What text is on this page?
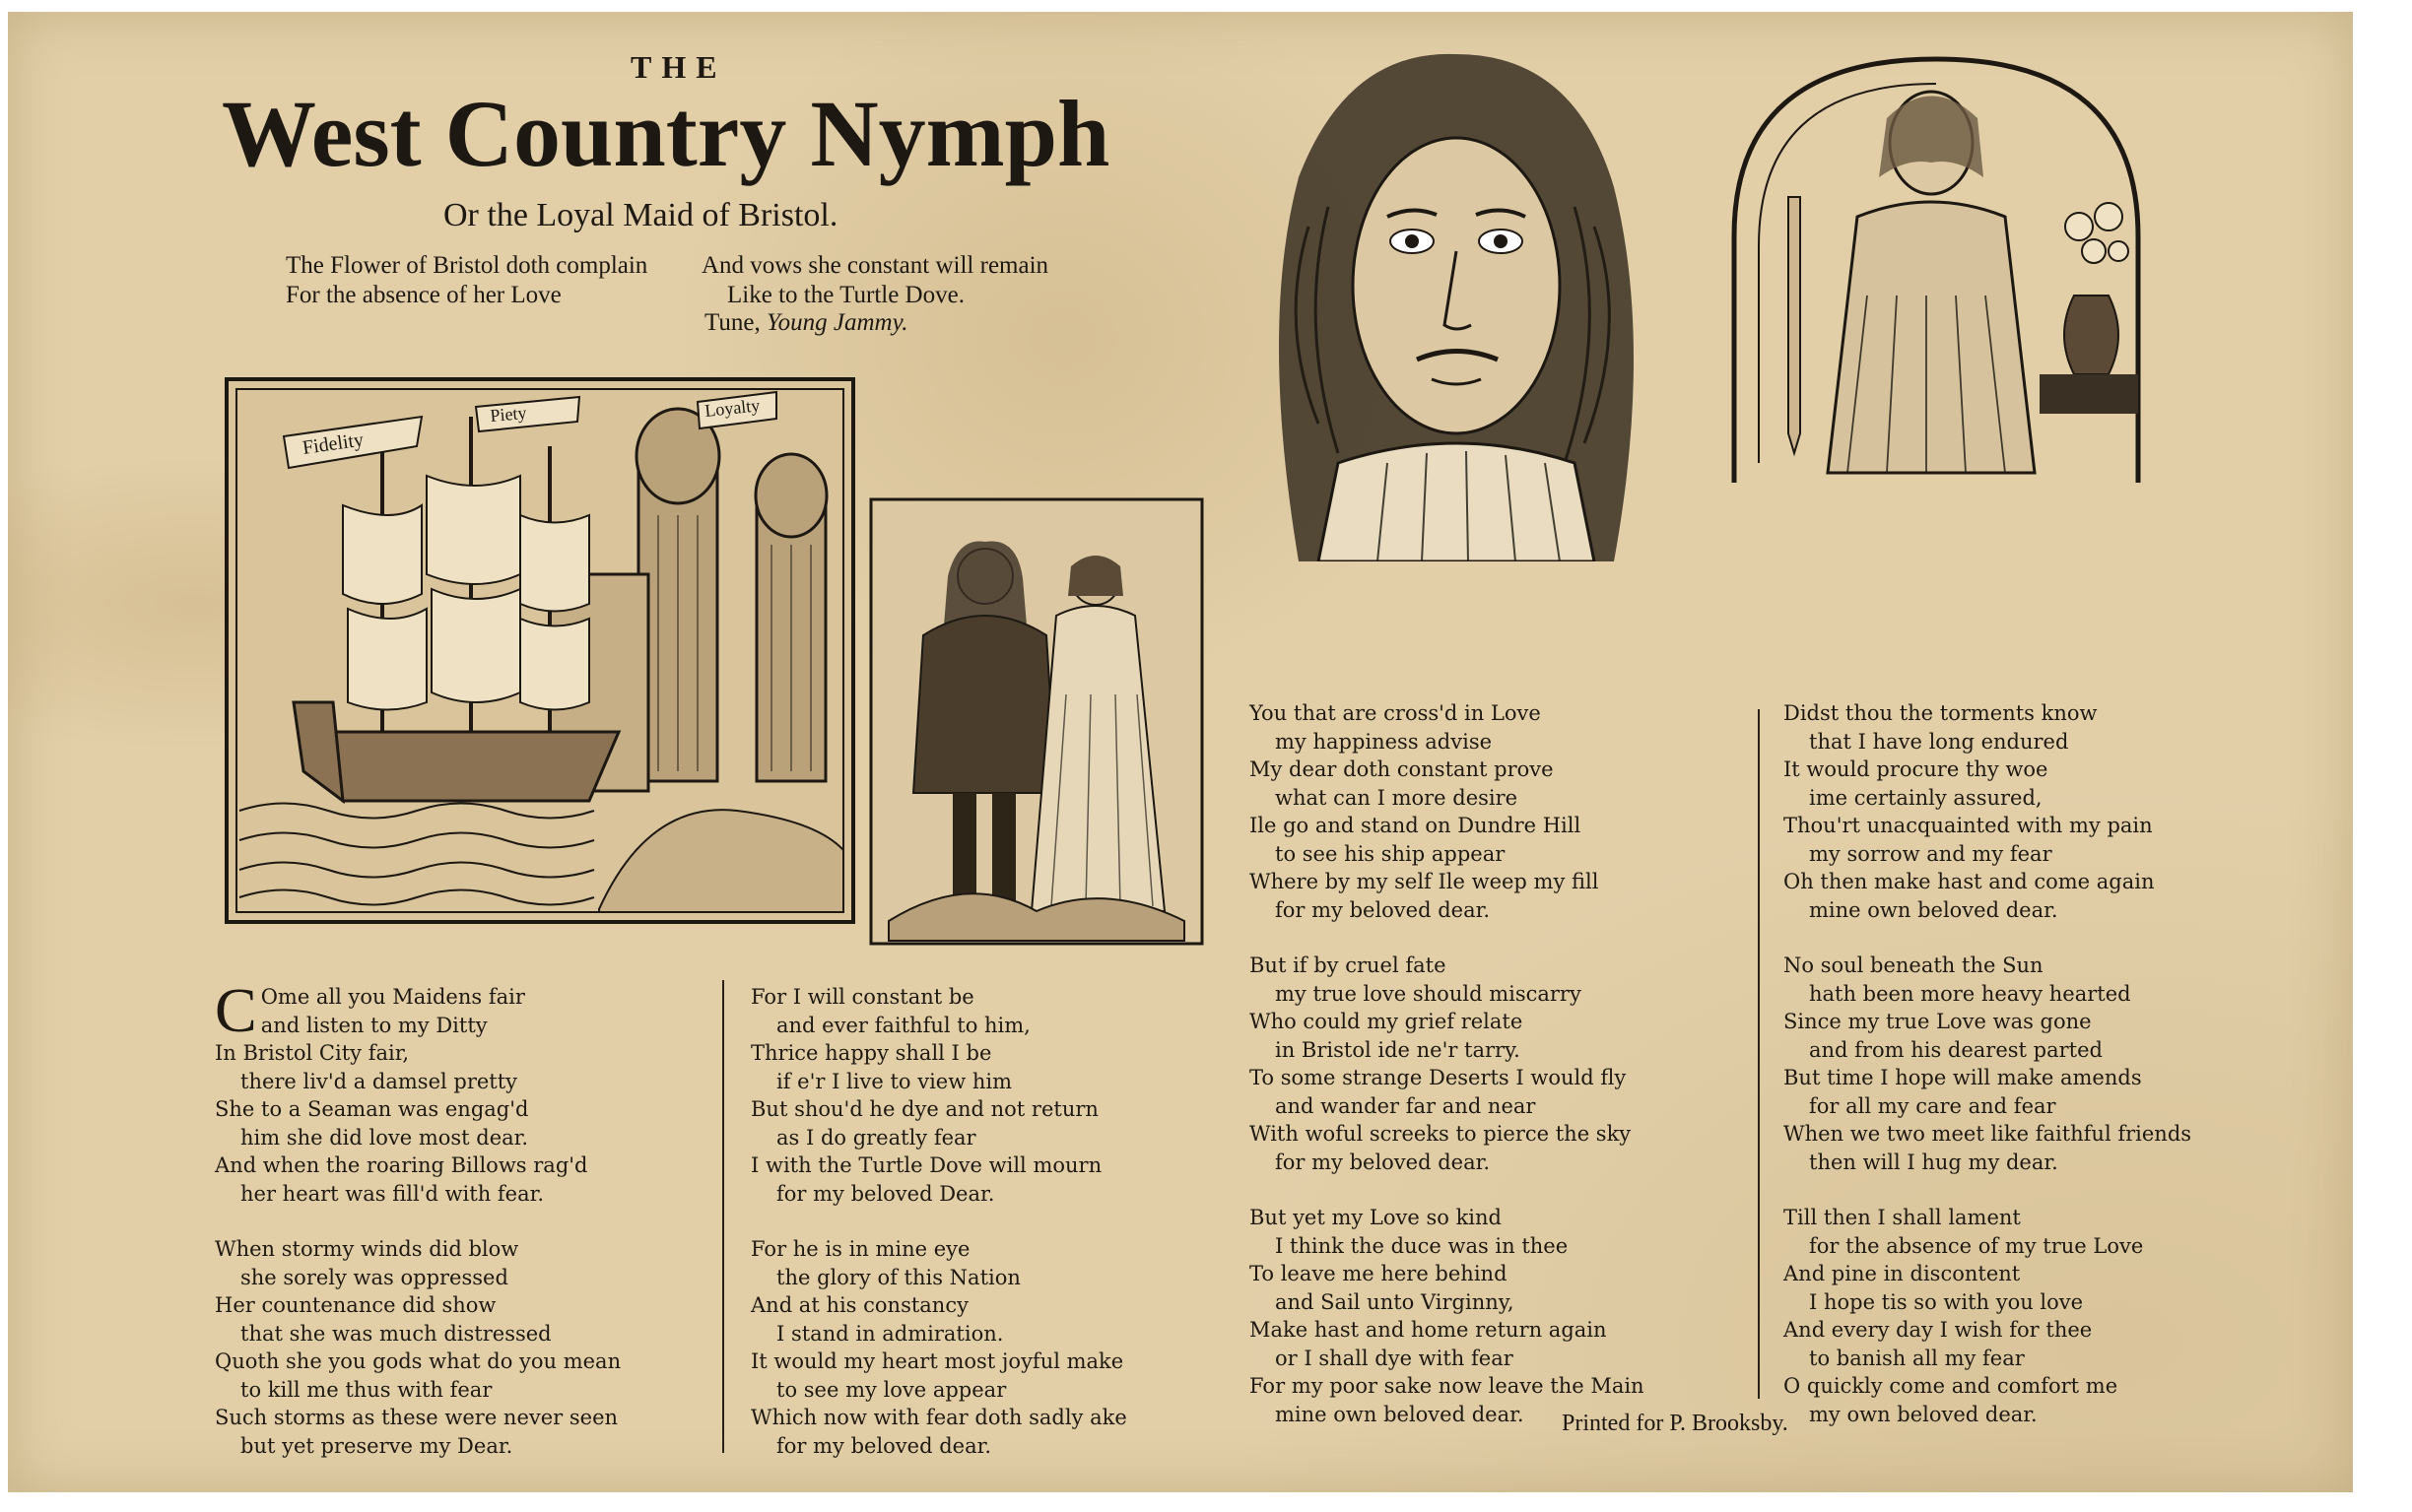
THE
West Country Nymph
Or the Loyal Maid of Bristol.
The Flower of Bristol doth complain
For the absence of her Love
And vows she constant will remain
Like to the Turtle Dove.
Tune, Young Jammy.
Fidelity
Piety	Loyalty
C Ome all you Maidens fair
and listen to my Ditty
In Bristol City fair,
there liv'd a damsel pretty
She to a Seaman was engag'd
him she did love most dear.
And when the roaring Billows rag'd
her heart was fill'd with fear.
When stormy winds did blow
she sorely was oppressed
Her countenance did show
that she was much distressed
Quoth she you gods what do you mean
to kill me thus with fear
Such storms as these were never seen
but yet preserve my Dear.
For I will constant be
and ever faithful to him,
Thrice happy shall I be
if e'r I live to view him
But shou'd he dye and not return
as I do greatly fear
I with the Turtle Dove will mourn
for my beloved Dear.
For he is in mine eye
the glory of this Nation
And at his constancy
I stand in admiration.
It would my heart most joyful make
to see my love appear
Which now with fear doth sadly ake
for my beloved dear.
You that are cross'd in Love
my happiness advise
My dear doth constant prove
what can I more desire
Ile go and stand on Dundre Hill
to see his ship appear
Where by my self Ile weep my fill
for my beloved dear.
But if by cruel fate
my true love should miscarry
Who could my grief relate
in Bristol ide ne'r tarry.
To some strange Deserts I would fly
and wander far and near
With woful screeks to pierce the sky
for my beloved dear.
But yet my Love so kind
I think the duce was in thee
To leave me here behind
and Sail unto Virginny,
Make hast and home return again
or I shall dye with fear
For my poor sake now leave the Main
mine own beloved dear.
Didst thou the torments know
that I have long endured
It would procure thy woe
ime certainly assured,
Thou'rt unacquainted with my pain
my sorrow and my fear
Oh then make hast and come again
mine own beloved dear.
No soul beneath the Sun
hath been more heavy hearted
Since my true Love was gone
and from his dearest parted
But time I hope will make amends
for all my care and fear
When we two meet like faithful friends
then will I hug my dear.
Till then I shall lament
for the absence of my true Love
And pine in discontent
I hope tis so with you love
And every day I wish for thee
to banish all my fear
O quickly come and comfort me
my own beloved dear.
Printed for P. Brooksby.
